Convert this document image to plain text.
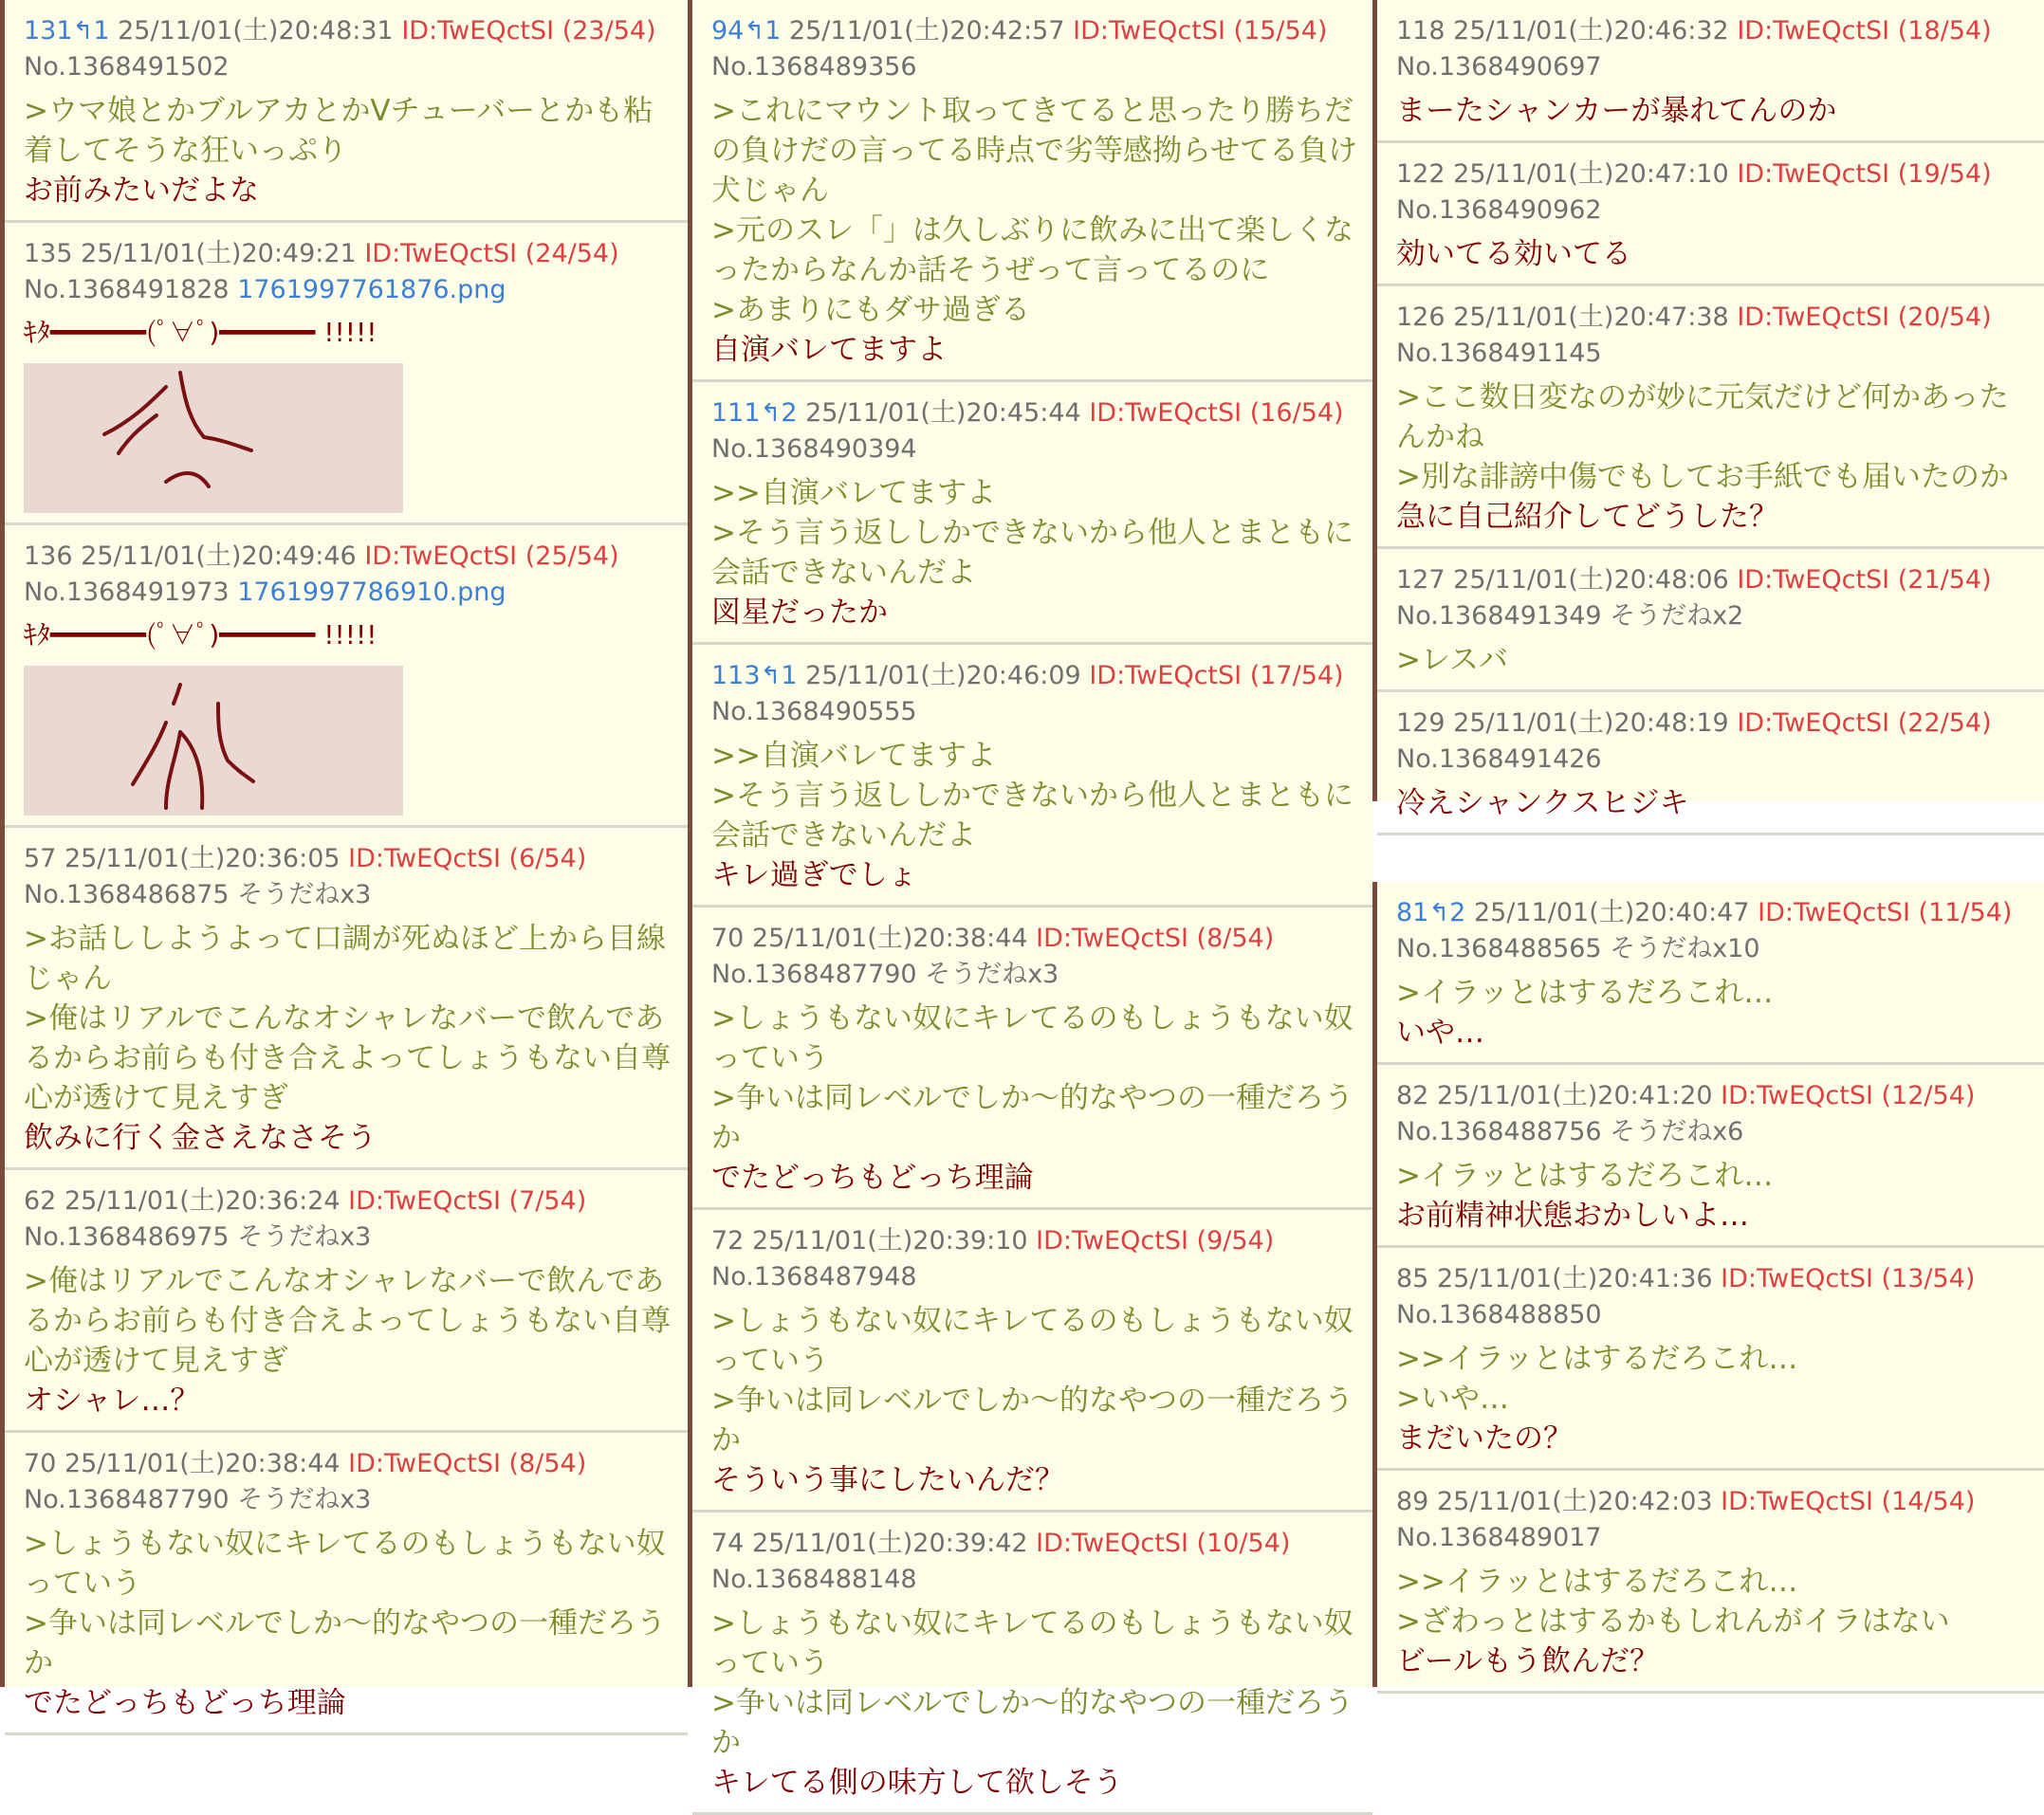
131↰1 25/11/01(土)20:48:31 ID:TwEQctSI (23/54)
No.1368491502
>ウマ娘とかブルアカとかVチューバーとかも粘着してそうな狂いっぷり
お前みたいだよな
135 25/11/01(土)20:49:21 ID:TwEQctSI (24/54)
No.1368491828 1761997761876.png
ｷﾀ━━━━━━(ﾟ∀ﾟ)━━━━━━ !!!!!
136 25/11/01(土)20:49:46 ID:TwEQctSI (25/54)
No.1368491973 1761997786910.png
ｷﾀ━━━━━━(ﾟ∀ﾟ)━━━━━━ !!!!!
57 25/11/01(土)20:36:05 ID:TwEQctSI (6/54)
No.1368486875 そうだねx3
>お話ししようよって口調が死ぬほど上から目線じゃん
>俺はリアルでこんなオシャレなバーで飲んであるからお前らも付き合えよってしょうもない自尊心が透けて見えすぎ
飲みに行く金さえなさそう
62 25/11/01(土)20:36:24 ID:TwEQctSI (7/54)
No.1368486975 そうだねx3
>俺はリアルでこんなオシャレなバーで飲んであるからお前らも付き合えよってしょうもない自尊心が透けて見えすぎ
オシャレ…？
70 25/11/01(土)20:38:44 ID:TwEQctSI (8/54)
No.1368487790 そうだねx3
>しょうもない奴にキレてるのもしょうもない奴っていう
>争いは同レベルでしか〜的なやつの一種だろうか
でたどっちもどっち理論
94↰1 25/11/01(土)20:42:57 ID:TwEQctSI (15/54)
No.1368489356
>これにマウント取ってきてると思ったり勝ちだの負けだの言ってる時点で劣等感拗らせてる負け犬じゃん
>元のスレ「」は久しぶりに飲みに出て楽しくなったからなんか話そうぜって言ってるのに
>あまりにもダサ過ぎる
自演バレてますよ
111↰2 25/11/01(土)20:45:44 ID:TwEQctSI (16/54)
No.1368490394
>>自演バレてますよ
>そう言う返ししかできないから他人とまともに会話できないんだよ
図星だったか
113↰1 25/11/01(土)20:46:09 ID:TwEQctSI (17/54)
No.1368490555
>>自演バレてますよ
>そう言う返ししかできないから他人とまともに会話できないんだよ
キレ過ぎでしょ
70 25/11/01(土)20:38:44 ID:TwEQctSI (8/54)
No.1368487790 そうだねx3
>しょうもない奴にキレてるのもしょうもない奴っていう
>争いは同レベルでしか〜的なやつの一種だろうか
でたどっちもどっち理論
72 25/11/01(土)20:39:10 ID:TwEQctSI (9/54)
No.1368487948
>しょうもない奴にキレてるのもしょうもない奴っていう
>争いは同レベルでしか〜的なやつの一種だろうか
そういう事にしたいんだ？
74 25/11/01(土)20:39:42 ID:TwEQctSI (10/54)
No.1368488148
>しょうもない奴にキレてるのもしょうもない奴っていう
>争いは同レベルでしか〜的なやつの一種だろうか
キレてる側の味方して欲しそう
118 25/11/01(土)20:46:32 ID:TwEQctSI (18/54)
No.1368490697
まーたシャンカーが暴れてんのか
122 25/11/01(土)20:47:10 ID:TwEQctSI (19/54)
No.1368490962
効いてる効いてる
126 25/11/01(土)20:47:38 ID:TwEQctSI (20/54)
No.1368491145
>ここ数日変なのが妙に元気だけど何かあったんかね
>別な誹謗中傷でもしてお手紙でも届いたのか
急に自己紹介してどうした？
127 25/11/01(土)20:48:06 ID:TwEQctSI (21/54)
No.1368491349 そうだねx2
>レスバ
129 25/11/01(土)20:48:19 ID:TwEQctSI (22/54)
No.1368491426
冷えシャンクスヒジキ
81↰2 25/11/01(土)20:40:47 ID:TwEQctSI (11/54)
No.1368488565 そうだねx10
>イラッとはするだろこれ…
いや…
82 25/11/01(土)20:41:20 ID:TwEQctSI (12/54)
No.1368488756 そうだねx6
>イラッとはするだろこれ…
お前精神状態おかしいよ…
85 25/11/01(土)20:41:36 ID:TwEQctSI (13/54)
No.1368488850
>>イラッとはするだろこれ…
>いや…
まだいたの？
89 25/11/01(土)20:42:03 ID:TwEQctSI (14/54)
No.1368489017
>>イラッとはするだろこれ…
>ざわっとはするかもしれんがイラはない
ビールもう飲んだ？
